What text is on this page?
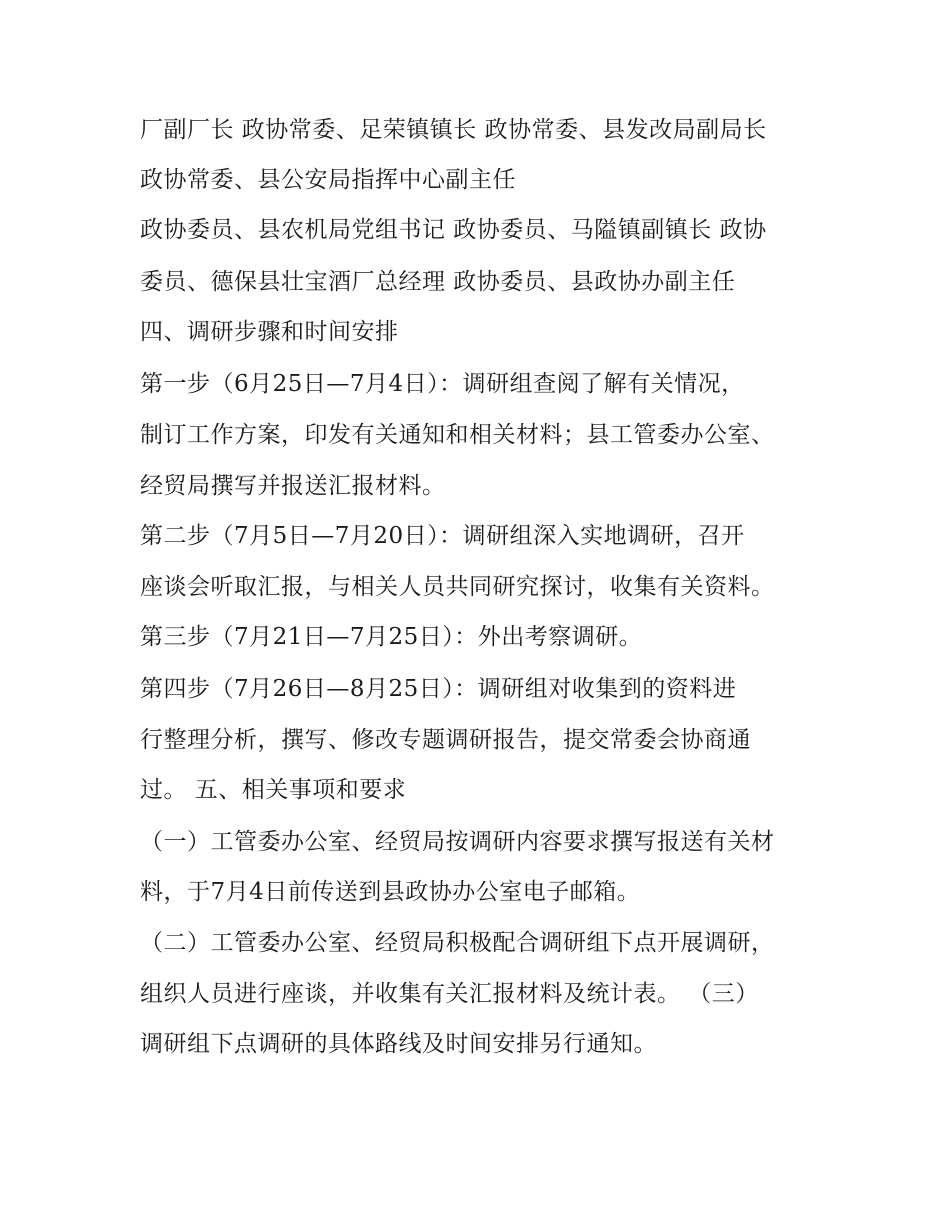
厂副厂长 政协常委、足荣镇镇长 政协常委、县发改局副局长
政协常委、县公安局指挥中心副主任
政协委员、县农机局党组书记 政协委员、马隘镇副镇长 政协
委员、德保县壮宝酒厂总经理 政协委员、县政协办副主任
四、调研步骤和时间安排
第一步（6月25日—7月4日）：调研组查阅了解有关情况，
制订工作方案，印发有关通知和相关材料；县工管委办公室、
经贸局撰写并报送汇报材料。
第二步（7月5日—7月20日）：调研组深入实地调研，召开
座谈会听取汇报，与相关人员共同研究探讨，收集有关资料。
第三步（7月21日—7月25日）：外出考察调研。
第四步（7月26日—8月25日）：调研组对收集到的资料进
行整理分析，撰写、修改专题调研报告，提交常委会协商通
过。 五、相关事项和要求
（一）工管委办公室、经贸局按调研内容要求撰写报送有关材
料，于7月4日前传送到县政协办公室电子邮箱。
（二）工管委办公室、经贸局积极配合调研组下点开展调研，
组织人员进行座谈，并收集有关汇报材料及统计表。 （三）
调研组下点调研的具体路线及时间安排另行通知。
